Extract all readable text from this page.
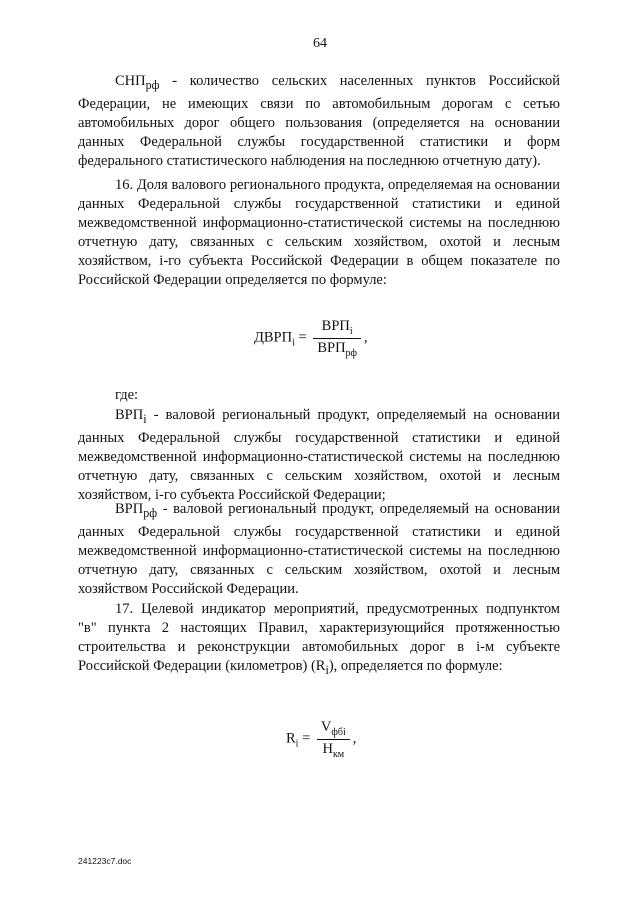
64

$СНП_{рф}$ - количество сельских населенных пунктов Российской Федерации, не имеющих связи по автомобильным дорогам с сетью автомобильных дорог общего пользования (определяется на основании данных Федеральной службы государственной статистики и форм федерального статистического наблюдения на последнюю отчетную дату).

16. Доля валового регионального продукта, определяемая на основании данных Федеральной службы государственной статистики и единой межведомственной информационно-статистической системы на последнюю отчетную дату, связанных с сельским хозяйством, охотой и лесным хозяйством, i-го субъекта Российской Федерации в общем показателе по Российской Федерации определяется по формуле:

$ДВРП_i = \frac{ВРП_i}{ВРП_{рф}}$ ,

где:

$ВРП_i$ - валовой региональный продукт, определяемый на основании данных Федеральной службы государственной статистики и единой межведомственной информационно-статистической системы на последнюю отчетную дату, связанных с сельским хозяйством, охотой и лесным хозяйством, i-го субъекта Российской Федерации;

$ВРП_{рф}$ - валовой региональный продукт, определяемый на основании данных Федеральной службы государственной статистики и единой межведомственной информационно-статистической системы на последнюю отчетную дату, связанных с сельским хозяйством, охотой и лесным хозяйством Российской Федерации.

17. Целевой индикатор мероприятий, предусмотренных подпунктом "в" пункта 2 настоящих Правил, характеризующийся протяженностью строительства и реконструкции автомобильных дорог в i-м субъекте Российской Федерации (километров) $(R_i)$, определяется по формуле:

$R_i = \frac{V_{фбi}}{Н_{км}}$ ,
241223c7.doc
